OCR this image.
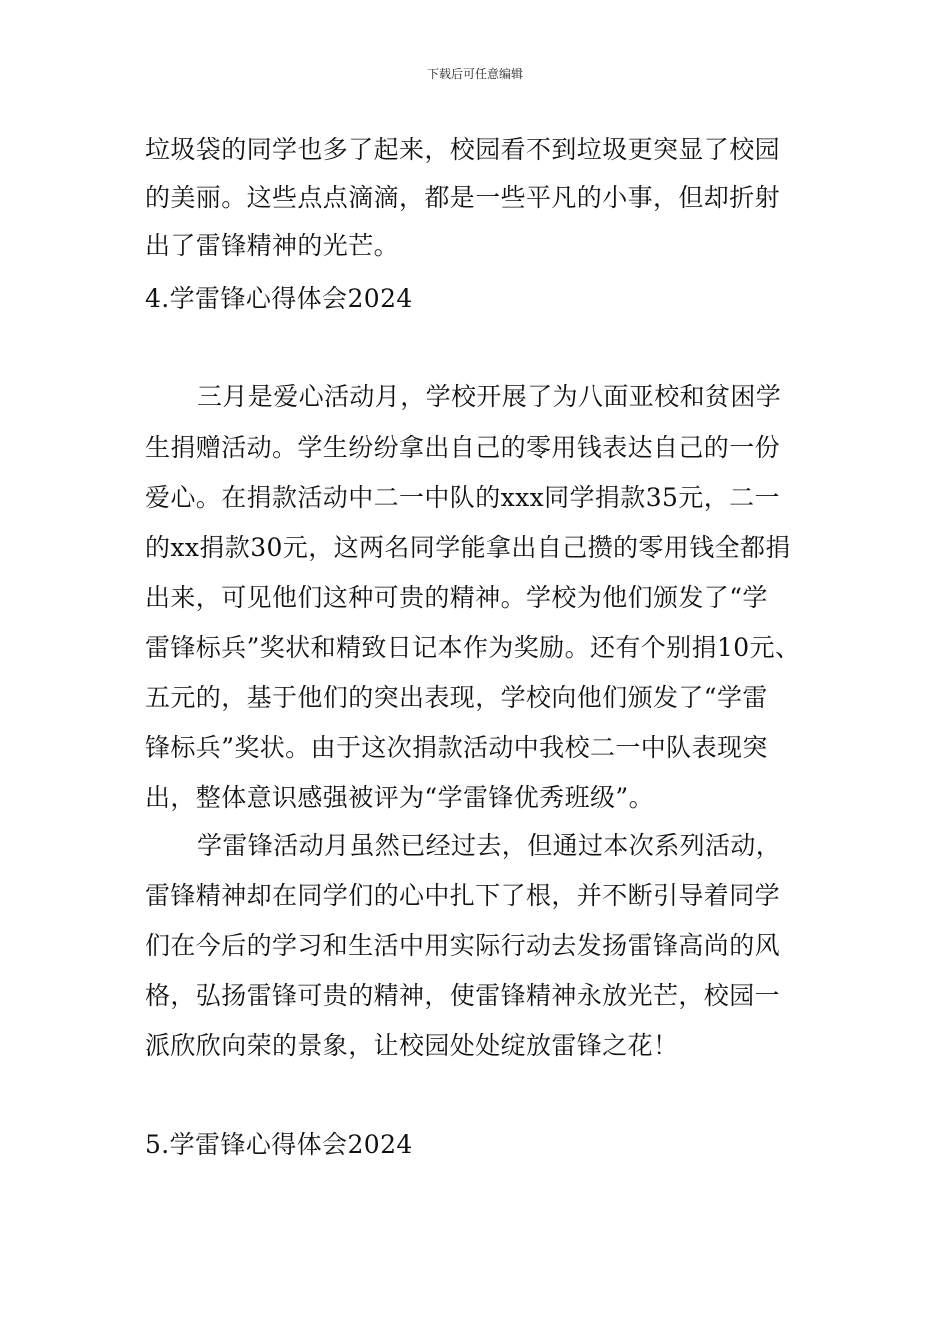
下载后可任意编辑
垃圾袋的同学也多了起来，校园看不到垃圾更突显了校园
的美丽。这些点点滴滴，都是一些平凡的小事，但却折射
出了雷锋精神的光芒。
4.学雷锋心得体会2024
三月是爱心活动月，学校开展了为八面亚校和贫困学
生捐赠活动。学生纷纷拿出自己的零用钱表达自己的一份
爱心。在捐款活动中二一中队的xxx同学捐款35元，二一
的xx捐款30元，这两名同学能拿出自己攒的零用钱全都捐
出来，可见他们这种可贵的精神。学校为他们颁发了“学
雷锋标兵”奖状和精致日记本作为奖励。还有个别捐10元、
五元的，基于他们的突出表现，学校向他们颁发了“学雷
锋标兵”奖状。由于这次捐款活动中我校二一中队表现突
出，整体意识感强被评为“学雷锋优秀班级”。
学雷锋活动月虽然已经过去，但通过本次系列活动，
雷锋精神却在同学们的心中扎下了根，并不断引导着同学
们在今后的学习和生活中用实际行动去发扬雷锋高尚的风
格，弘扬雷锋可贵的精神，使雷锋精神永放光芒，校园一
派欣欣向荣的景象，让校园处处绽放雷锋之花！
5.学雷锋心得体会2024
